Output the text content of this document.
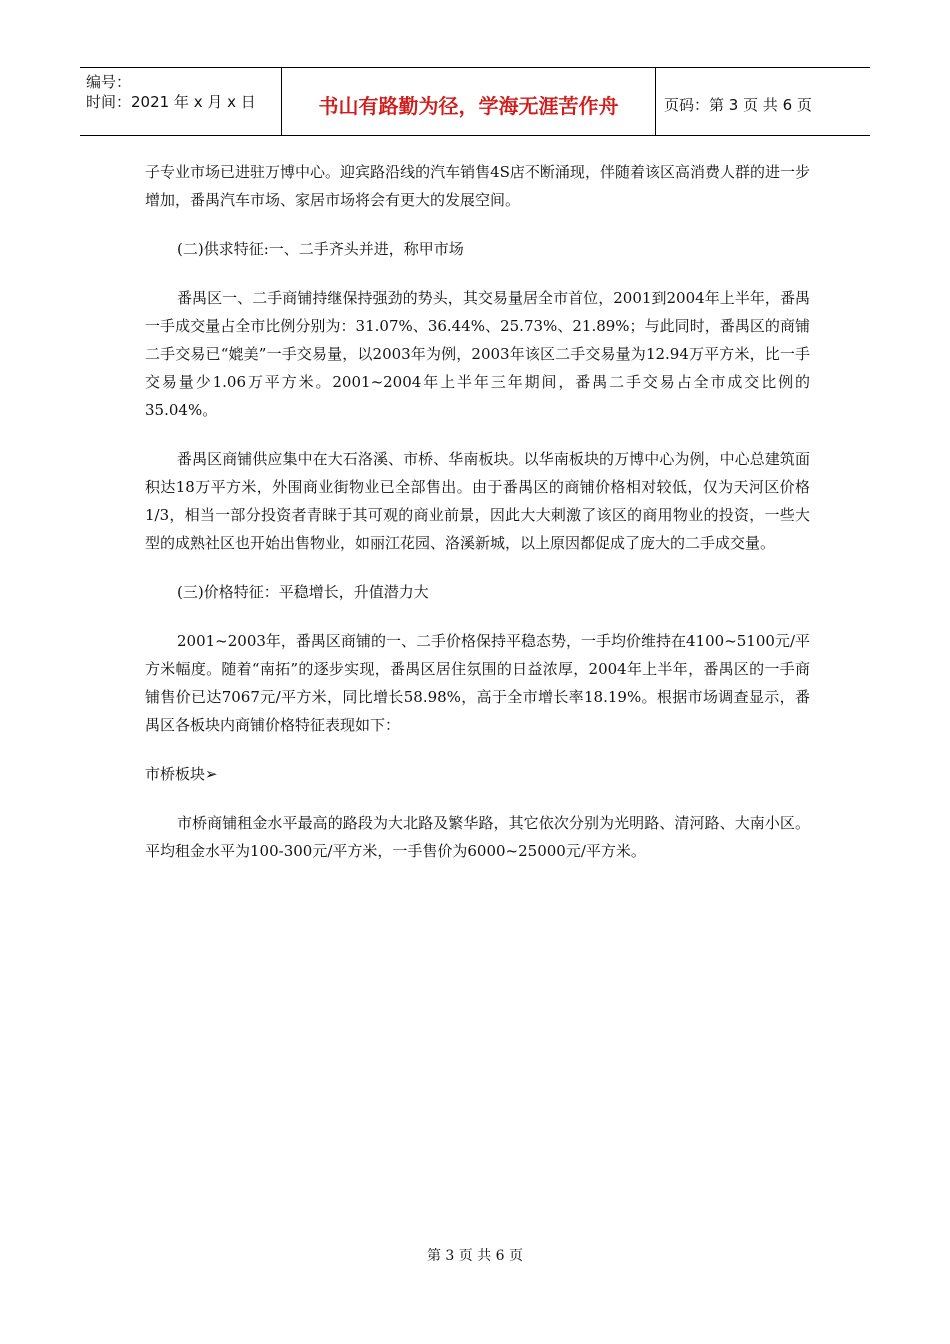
编号：
时间：2021 年 x 月 x 日	书山有路勤为径，学海无涯苦作舟	页码：第 3 页 共 6 页

子专业市场已进驻万博中心。迎宾路沿线的汽车销售4S店不断涌现，伴随着该区高消费人群的进一步增加，番禺汽车市场、家居市场将会有更大的发展空间。

(二)供求特征:一、二手齐头并进，称甲市场

番禺区一、二手商铺持继保持强劲的势头，其交易量居全市首位，2001到2004年上半年，番禺一手成交量占全市比例分别为：31.07%、36.44%、25.73%、21.89%；与此同时，番禺区的商铺二手交易已“媲美”一手交易量，以2003年为例，2003年该区二手交易量为12.94万平方米，比一手交易量少1.06万平方米。2001~2004年上半年三年期间，番禺二手交易占全市成交比例的35.04%。

番禺区商铺供应集中在大石洛溪、市桥、华南板块。以华南板块的万博中心为例，中心总建筑面积达18万平方米，外围商业街物业已全部售出。由于番禺区的商铺价格相对较低，仅为天河区价格1/3，相当一部分投资者青睐于其可观的商业前景，因此大大刺激了该区的商用物业的投资，一些大型的成熟社区也开始出售物业，如丽江花园、洛溪新城，以上原因都促成了庞大的二手成交量。

(三)价格特征：平稳增长，升值潜力大

2001~2003年，番禺区商铺的一、二手价格保持平稳态势，一手均价维持在4100~5100元/平方米幅度。随着“南拓”的逐步实现，番禺区居住氛围的日益浓厚，2004年上半年，番禺区的一手商铺售价已达7067元/平方米，同比增长58.98%，高于全市增长率18.19%。根据市场调查显示，番禺区各板块内商铺价格特征表现如下：

市桥板块➢

市桥商铺租金水平最高的路段为大北路及繁华路，其它依次分别为光明路、清河路、大南小区。平均租金水平为100-300元/平方米，一手售价为6000~25000元/平方米。

第 3 页 共 6 页
